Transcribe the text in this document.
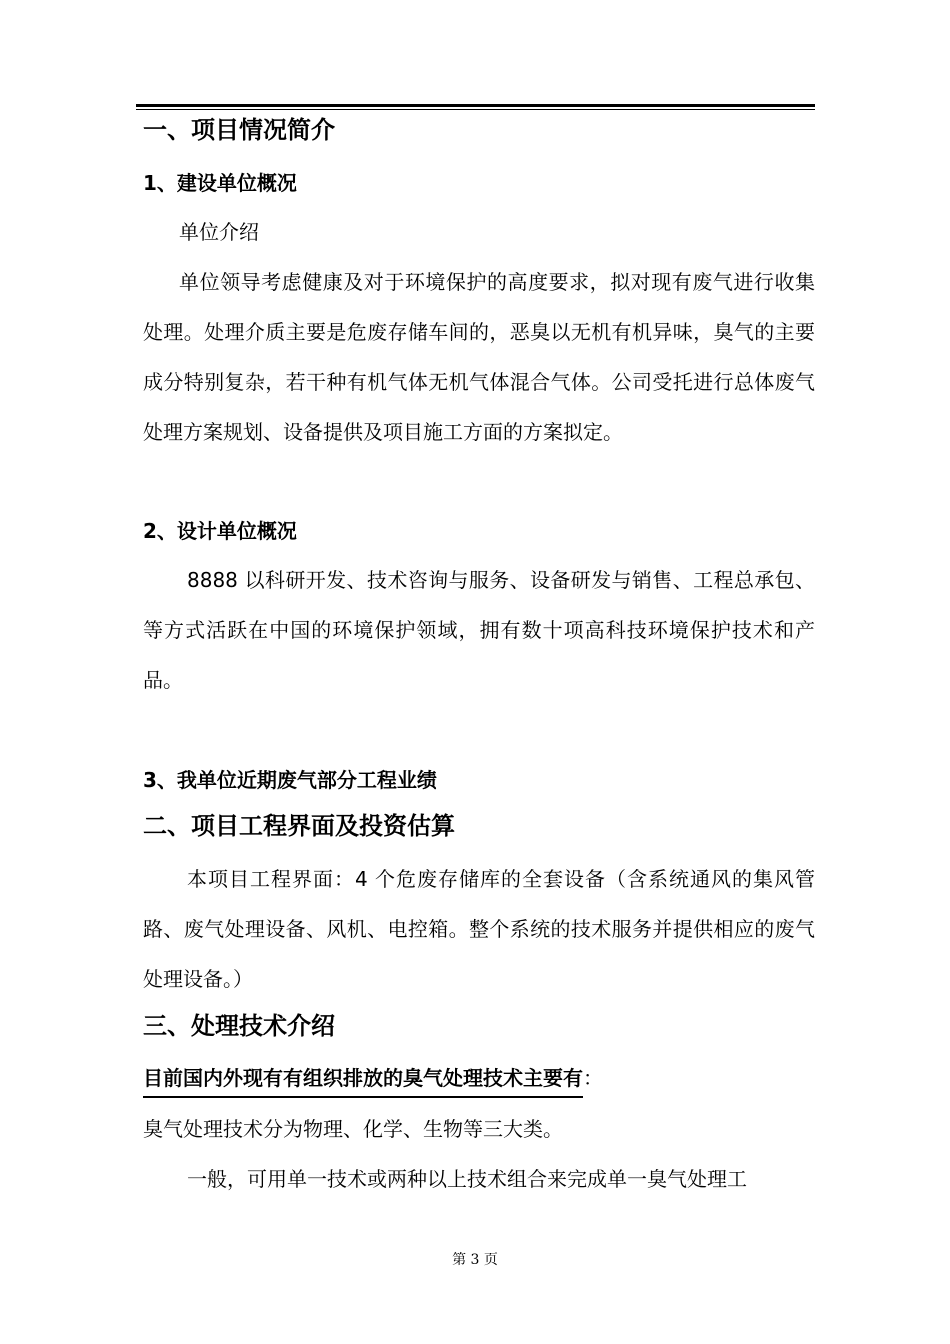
一、项目情况简介
1、建设单位概况

单位介绍

单位领导考虑健康及对于环境保护的高度要求，拟对现有废气进行收集处理。处理介质主要是危废存储车间的，恶臭以无机有机异味，臭气的主要成分特别复杂，若干种有机气体无机气体混合气体。公司受托进行总体废气处理方案规划、设备提供及项目施工方面的方案拟定。

2、设计单位概况

8888 以科研开发、技术咨询与服务、设备研发与销售、工程总承包、等方式活跃在中国的环境保护领域，拥有数十项高科技环境保护技术和产品。

3、我单位近期废气部分工程业绩
二、项目工程界面及投资估算

本项目工程界面：4 个危废存储库的全套设备（含系统通风的集风管路、废气处理设备、风机、电控箱。整个系统的技术服务并提供相应的废气处理设备。）

三、处理技术介绍
目前国内外现有有组织排放的臭气处理技术主要有：

臭气处理技术分为物理、化学、生物等三大类。

一般，可用单一技术或两种以上技术组合来完成单一臭气处理工

第 3 页
